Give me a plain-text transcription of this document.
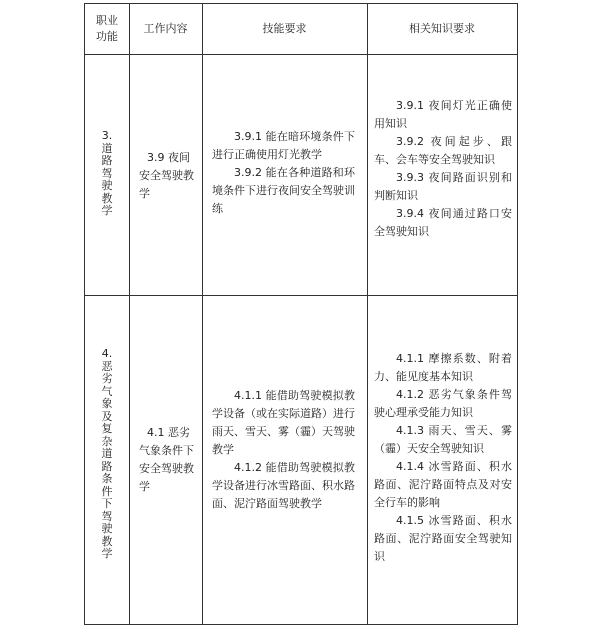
职业
功能
工作内容	技能要求	相关知识要求
3.
道
路
驾
驶
教
学
3.9 夜间
安全驾驶教
学

3.9.1 能在暗环境条件下进行正确使用灯光教学

3.9.2 能在各种道路和环境条件下进行夜间安全驾驶训练

3.9.1 夜间灯光正确使用知识

3.9.2 夜间起步、跟车、会车等安全驾驶知识

3.9.3 夜间路面识别和判断知识

3.9.4 夜间通过路口安全驾驶知识

4.
恶
劣
气
象
及
复
杂
道
路
条
件
下
驾
驶
教
学
4.1 恶劣
气象条件下
安全驾驶教
学

4.1.1 能借助驾驶模拟教学设备（或在实际道路）进行雨天、雪天、雾（霾）天驾驶教学

4.1.2 能借助驾驶模拟教学设备进行冰雪路面、积水路面、泥泞路面驾驶教学

4.1.1 摩擦系数、附着力、能见度基本知识

4.1.2 恶劣气象条件驾驶心理承受能力知识

4.1.3 雨天、雪天、雾（霾）天安全驾驶知识

4.1.4 冰雪路面、积水路面、泥泞路面特点及对安全行车的影响

4.1.5 冰雪路面、积水路面、泥泞路面安全驾驶知识
